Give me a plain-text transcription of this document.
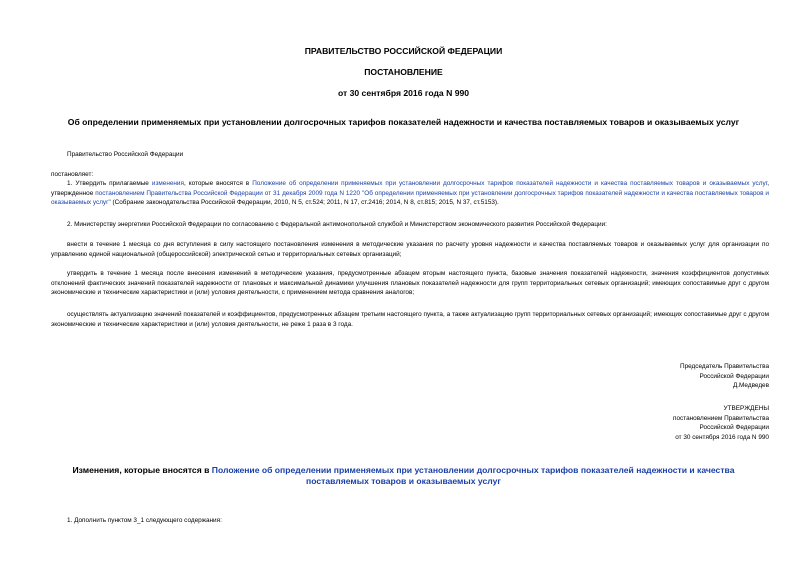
ПРАВИТЕЛЬСТВО РОССИЙСКОЙ ФЕДЕРАЦИИ
ПОСТАНОВЛЕНИЕ
от 30 сентября 2016 года N 990
Об определении применяемых при установлении долгосрочных тарифов показателей надежности и качества поставляемых товаров и оказываемых услуг
Правительство Российской Федерации
постановляет:
1. Утвердить прилагаемые изменения, которые вносятся в Положение об определении применяемых при установлении долгосрочных тарифов показателей надежности и качества поставляемых товаров и оказываемых услуг, утвержденное постановлением Правительства Российской Федерации от 31 декабря 2009 года N 1220 "Об определении применяемых при установлении долгосрочных тарифов показателей надежности и качества поставляемых товаров и оказываемых услуг" (Собрание законодательства Российской Федерации, 2010, N 5, ст.524; 2011, N 17, ст.2416; 2014, N 8, ст.815; 2015, N 37, ст.5153).
2. Министерству энергетики Российской Федерации по согласованию с Федеральной антимонопольной службой и Министерством экономического развития Российской Федерации:
внести в течение 1 месяца со дня вступления в силу настоящего постановления изменения в методические указания по расчету уровня надежности и качества поставляемых товаров и оказываемых услуг для организации по управлению единой национальной (общероссийской) электрической сетью и территориальных сетевых организаций;
утвердить в течение 1 месяца после внесения изменений в методические указания, предусмотренные абзацем вторым настоящего пункта, базовые значения показателей надежности, значения коэффициентов допустимых отклонений фактических значений показателей надежности от плановых и максимальной динамики улучшения плановых показателей надежности для групп территориальных сетевых организаций; имеющих сопоставимые друг с другом экономические и технические характеристики и (или) условия деятельности, с применением метода сравнения аналогов;
осуществлять актуализацию значений показателей и коэффициентов, предусмотренных абзацем третьим настоящего пункта, а также актуализацию групп территориальных сетевых организаций; имеющих сопоставимые друг с другом экономические и технические характеристики и (или) условия деятельности, не реже 1 раза в 3 года.
Председатель Правительства
Российской Федерации
Д.Медведев
УТВЕРЖДЕНЫ
постановлением Правительства
Российской Федерации
от 30 сентября 2016 года N 990
Изменения, которые вносятся в Положение об определении применяемых при установлении долгосрочных тарифов показателей надежности и качества поставляемых товаров и оказываемых услуг
1. Дополнить пунктом 3_1 следующего содержания:
